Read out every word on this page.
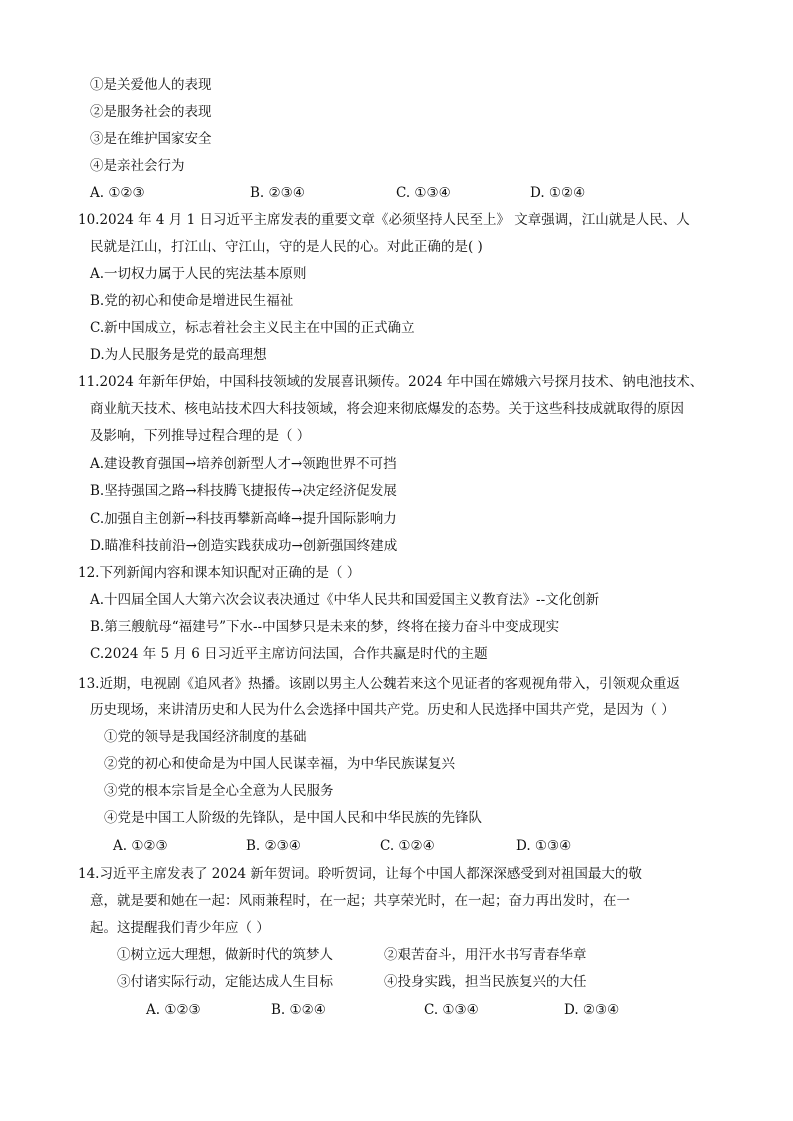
①是关爱他人的表现
②是服务社会的表现
③是在维护国家安全
④是亲社会行为
A. ①②③	B. ②③④	C. ①③④	D. ①②④
10.2024 年 4 月 1 日习近平主席发表的重要文章《必须坚持人民至上》 文章强调，江山就是人民、人
民就是江山，打江山、守江山，守的是人民的心。对此正确的是( )
A.一切权力属于人民的宪法基本原则
B.党的初心和使命是增进民生福祉
C.新中国成立，标志着社会主义民主在中国的正式确立
D.为人民服务是党的最高理想
11.2024 年新年伊始，中国科技领域的发展喜讯频传。2024 年中国在嫦娥六号探月技术、钠电池技术、
商业航天技术、核电站技术四大科技领域，将会迎来彻底爆发的态势。关于这些科技成就取得的原因
及影响，下列推导过程合理的是（ ）
A.建设教育强国→培养创新型人才→领跑世界不可挡
B.坚持强国之路→科技腾飞捷报传→决定经济促发展
C.加强自主创新→科技再攀新高峰→提升国际影响力
D.瞄准科技前沿→创造实践获成功→创新强国终建成
12.下列新闻内容和课本知识配对正确的是（ ）
A.十四届全国人大第六次会议表决通过《中华人民共和国爱国主义教育法》--文化创新
B.第三艘航母“福建号”下水--中国梦只是未来的梦，终将在接力奋斗中变成现实
C.2024 年 5 月 6 日习近平主席访问法国，合作共赢是时代的主题
13.近期，电视剧《追风者》热播。该剧以男主人公魏若来这个见证者的客观视角带入，引领观众重返
历史现场，来讲清历史和人民为什么会选择中国共产党。历史和人民选择中国共产党，是因为（ ）
①党的领导是我国经济制度的基础
②党的初心和使命是为中国人民谋幸福，为中华民族谋复兴
③党的根本宗旨是全心全意为人民服务
④党是中国工人阶级的先锋队，是中国人民和中华民族的先锋队
A. ①②③	B. ②③④	C. ①②④	D. ①③④
14.习近平主席发表了 2024 新年贺词。聆听贺词，让每个中国人都深深感受到对祖国最大的敬
意，就是要和她在一起：风雨兼程时，在一起；共享荣光时，在一起；奋力再出发时，在一
起。这提醒我们青少年应（ ）
①树立远大理想，做新时代的筑梦人	②艰苦奋斗，用汗水书写青春华章
③付诸实际行动，定能达成人生目标	④投身实践，担当民族复兴的大任
A. ①②③	B. ①②④	C. ①③④	D. ②③④
